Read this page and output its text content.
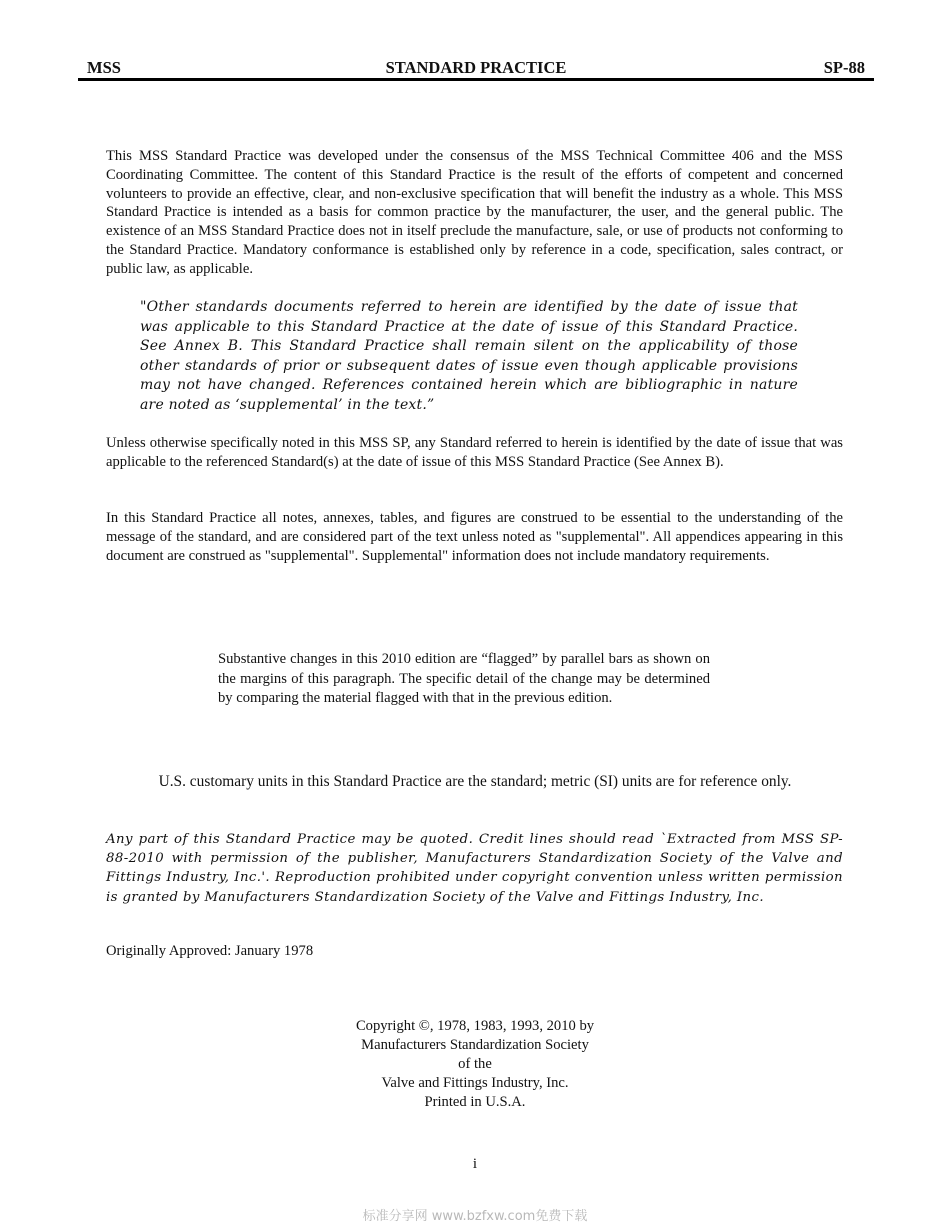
MSS	STANDARD PRACTICE	SP-88

This MSS Standard Practice was developed under the consensus of the MSS Technical Committee 406 and the MSS Coordinating Committee. The content of this Standard Practice is the result of the efforts of competent and concerned volunteers to provide an effective, clear, and non-exclusive specification that will benefit the industry as a whole. This MSS Standard Practice is intended as a basis for common practice by the manufacturer, the user, and the general public. The existence of an MSS Standard Practice does not in itself preclude the manufacture, sale, or use of products not conforming to the Standard Practice. Mandatory conformance is established only by reference in a code, specification, sales contract, or public law, as applicable.

"Other standards documents referred to herein are identified by the date of issue that was applicable to this Standard Practice at the date of issue of this Standard Practice. See Annex B. This Standard Practice shall remain silent on the applicability of those other standards of prior or subsequent dates of issue even though applicable provisions may not have changed. References contained herein which are bibliographic in nature are noted as ‘supplemental’ in the text.”

Unless otherwise specifically noted in this MSS SP, any Standard referred to herein is identified by the date of issue that was applicable to the referenced Standard(s) at the date of issue of this MSS Standard Practice (See Annex B).

In this Standard Practice all notes, annexes, tables, and figures are construed to be essential to the understanding of the message of the standard, and are considered part of the text unless noted as "supplemental". All appendices appearing in this document are construed as "supplemental". Supplemental" information does not include mandatory requirements.

Substantive changes in this 2010 edition are “flagged” by parallel bars as shown on the margins of this paragraph. The specific detail of the change may be determined by comparing the material flagged with that in the previous edition.

U.S. customary units in this Standard Practice are the standard; metric (SI) units are for reference only.

Any part of this Standard Practice may be quoted. Credit lines should read `Extracted from MSS SP-88-2010 with permission of the publisher, Manufacturers Standardization Society of the Valve and Fittings Industry, Inc.'. Reproduction prohibited under copyright convention unless written permission is granted by Manufacturers Standardization Society of the Valve and Fittings Industry, Inc.

Originally Approved: January 1978

Copyright ©, 1978, 1983, 1993, 2010 by
Manufacturers Standardization Society
of the
Valve and Fittings Industry, Inc.
Printed in U.S.A.
i
标准分享网 www.bzfxw.com免费下载
